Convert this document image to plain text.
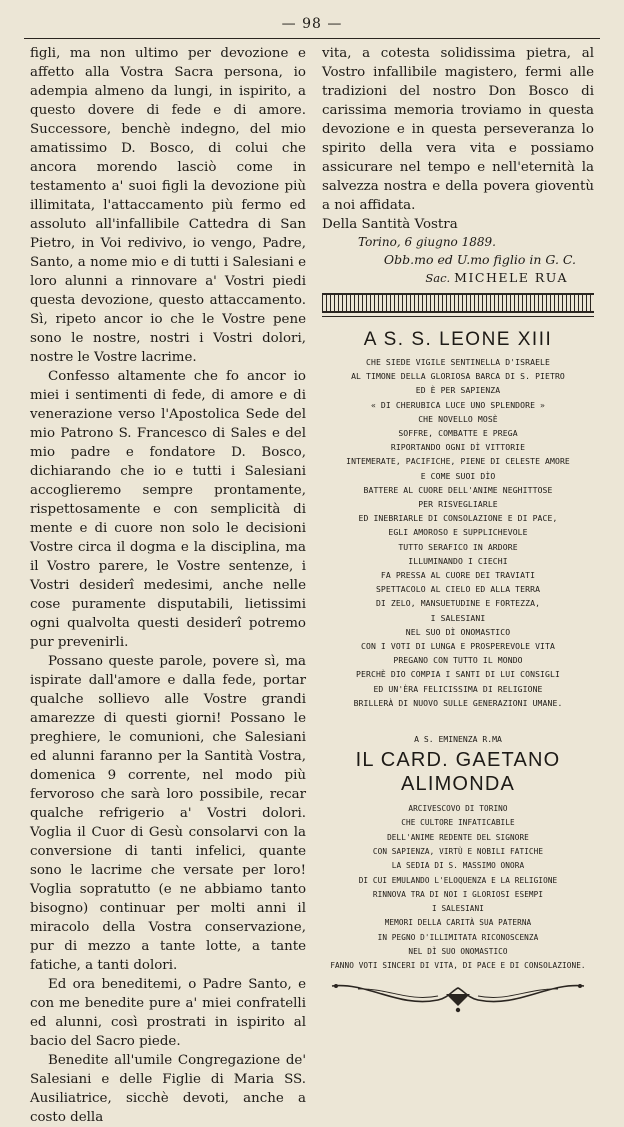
— 98 —

figli, ma non ultimo per devozione e affetto alla Vostra Sacra persona, io adempia almeno da lungi, in ispirito, a questo dovere di fede e di amore. Successore, benchè indegno, del mio amatissimo D. Bosco, di colui che ancora morendo lasciò come in testamento a' suoi figli la devozione più illimitata, l'attaccamento più fermo ed assoluto all'infallibile Cattedra di San Pietro, in Voi redivivo, io vengo, Padre, Santo, a nome mio e di tutti i Salesiani e loro alunni a rinnovare a' Vostri piedi questa devozione, questo attaccamento. Sì, ripeto ancor io che le Vostre pene sono le nostre, nostri i Vostri dolori, nostre le Vostre lacrime.

Confesso altamente che fo ancor io miei i sentimenti di fede, di amore e di venerazione verso l'Apostolica Sede del mio Patrono S. Francesco di Sales e del mio padre e fondatore D. Bosco, dichiarando che io e tutti i Salesiani accoglieremo sempre prontamente, rispettosamente e con semplicità di mente e di cuore non solo le decisioni Vostre circa il dogma e la disciplina, ma il Vostro parere, le Vostre sentenze, i Vostri desiderî medesimi, anche nelle cose puramente disputabili, lietissimi ogni qualvolta questi desiderî potremo pur prevenirli.

Possano queste parole, povere sì, ma ispirate dall'amore e dalla fede, portar qualche sollievo alle Vostre grandi amarezze di questi giorni! Possano le preghiere, le comunioni, che Salesiani ed alunni faranno per la Santità Vostra, domenica 9 corrente, nel modo più fervoroso che sarà loro possibile, recar qualche refrigerio a' Vostri dolori. Voglia il Cuor di Gesù consolarvi con la conversione di tanti infelici, quante sono le lacrime che versate per loro! Voglia sopratutto (e ne abbiamo tanto bisogno) continuar per molti anni il miracolo della Vostra conservazione, pur di mezzo a tante lotte, a tante fatiche, a tanti dolori.

Ed ora beneditemi, o Padre Santo, e con me benedite pure a' miei confratelli ed alunni, così prostrati in ispirito al bacio del Sacro piede.

Benedite all'umile Congregazione de' Salesiani e delle Figlie di Maria SS. Ausiliatrice, sicchè devoti, anche a costo della

vita, a cotesta solidissima pietra, al Vostro infallibile magistero, fermi alle tradizioni del nostro Don Bosco di carissima memoria troviamo in questa devozione e in questa perseveranza lo spirito della vera vita e possiamo assicurare nel tempo e nell'eternità la salvezza nostra e della povera gioventù a noi affidata.

Della Santità Vostra

Torino, 6 giugno 1889.

Obb.mo ed U.mo figlio in G. C.

Sac. MICHELE RUA

A S. S. LEONE XIII
CHE SIEDE VIGILE SENTINELLA D'ISRAELE
AL TIMONE DELLA GLORIOSA BARCA DI S. PIETRO
ED È PER SAPIENZA
« DI CHERUBICA LUCE UNO SPLENDORE »
CHE NOVELLO MOSÈ
SOFFRE, COMBATTE E PREGA
RIPORTANDO OGNI DÌ VITTORIE
INTEMERATE, PACIFICHE, PIENE DI CELESTE AMORE
E COME SUOI DÌO
BATTERE AL CUORE DELL'ANIME NEGHITTOSE
PER RISVEGLIARLE
ED INEBRIARLE DI CONSOLAZIONE E DI PACE,
EGLI AMOROSO E SUPPLICHEVOLE
TUTTO SERAFICO IN ARDORE
ILLUMINANDO I CIECHI
FA PRESSA AL CUORE DEI TRAVIATI
SPETTACOLO AL CIELO ED ALLA TERRA
DI ZELO, MANSUETUDINE E FORTEZZA,
I SALESIANI
NEL SUO DÌ ONOMASTICO
CON I VOTI DI LUNGA E PROSPEREVOLE VITA
PREGANO CON TUTTO IL MONDO
PERCHÈ DIO COMPIA I SANTI DI LUI CONSIGLI
ED UN'ÈRA FELICISSIMA DI RELIGIONE
BRILLERÀ DI NUOVO SULLE GENERAZIONI UMANE.
A S. EMINENZA R.MA
IL CARD. GAETANO ALIMONDA
ARCIVESCOVO DI TORINO
CHE CULTORE INFATICABILE
DELL'ANIME REDENTE DEL SIGNORE
CON SAPIENZA, VIRTÙ E NOBILI FATICHE
LA SEDIA DI S. MASSIMO ONORA
DI CUI EMULANDO L'ELOQUENZA E LA RELIGIONE
RINNOVA TRA DI NOI I GLORIOSI ESEMPI
I SALESIANI
MEMORI DELLA CARITÀ SUA PATERNA
IN PEGNO D'ILLIMITATA RICONOSCENZA
NEL DÌ SUO ONOMASTICO
FANNO VOTI SINCERI DI VITA, DI PACE E DI CONSOLAZIONE.
